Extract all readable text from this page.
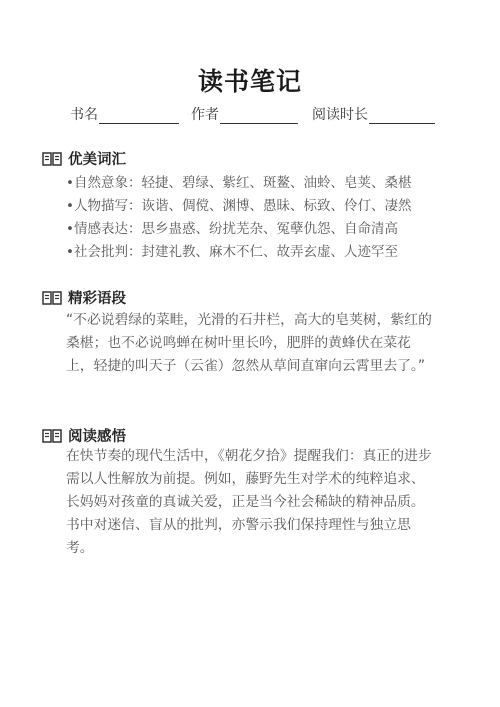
读书笔记
书名	作者	阅读时长
优美词汇
•自然意象：轻捷、碧绿、紫红、斑鳌、油蛉、皂荚、桑椹
•人物描写：诙谐、倜傥、渊博、愚昧、标致、伶仃、凄然
•情感表达：思乡蛊惑、纷扰芜杂、冤孽仇怨、自命清高
•社会批判：封建礼教、麻木不仁、故弄玄虚、人迹罕至
精彩语段
“不必说碧绿的菜畦，光滑的石井栏，高大的皂荚树，紫红的桑椹；也不必说鸣蝉在树叶里长吟，肥胖的黄蜂伏在菜花上，轻捷的叫天子（云雀）忽然从草间直窜向云霄里去了。”
阅读感悟
在快节奏的现代生活中，《朝花夕拾》提醒我们：真正的进步需以人性解放为前提。例如，藤野先生对学术的纯粹追求、长妈妈对孩童的真诚关爱，正是当今社会稀缺的精神品质。书中对迷信、盲从的批判，亦警示我们保持理性与独立思考。
